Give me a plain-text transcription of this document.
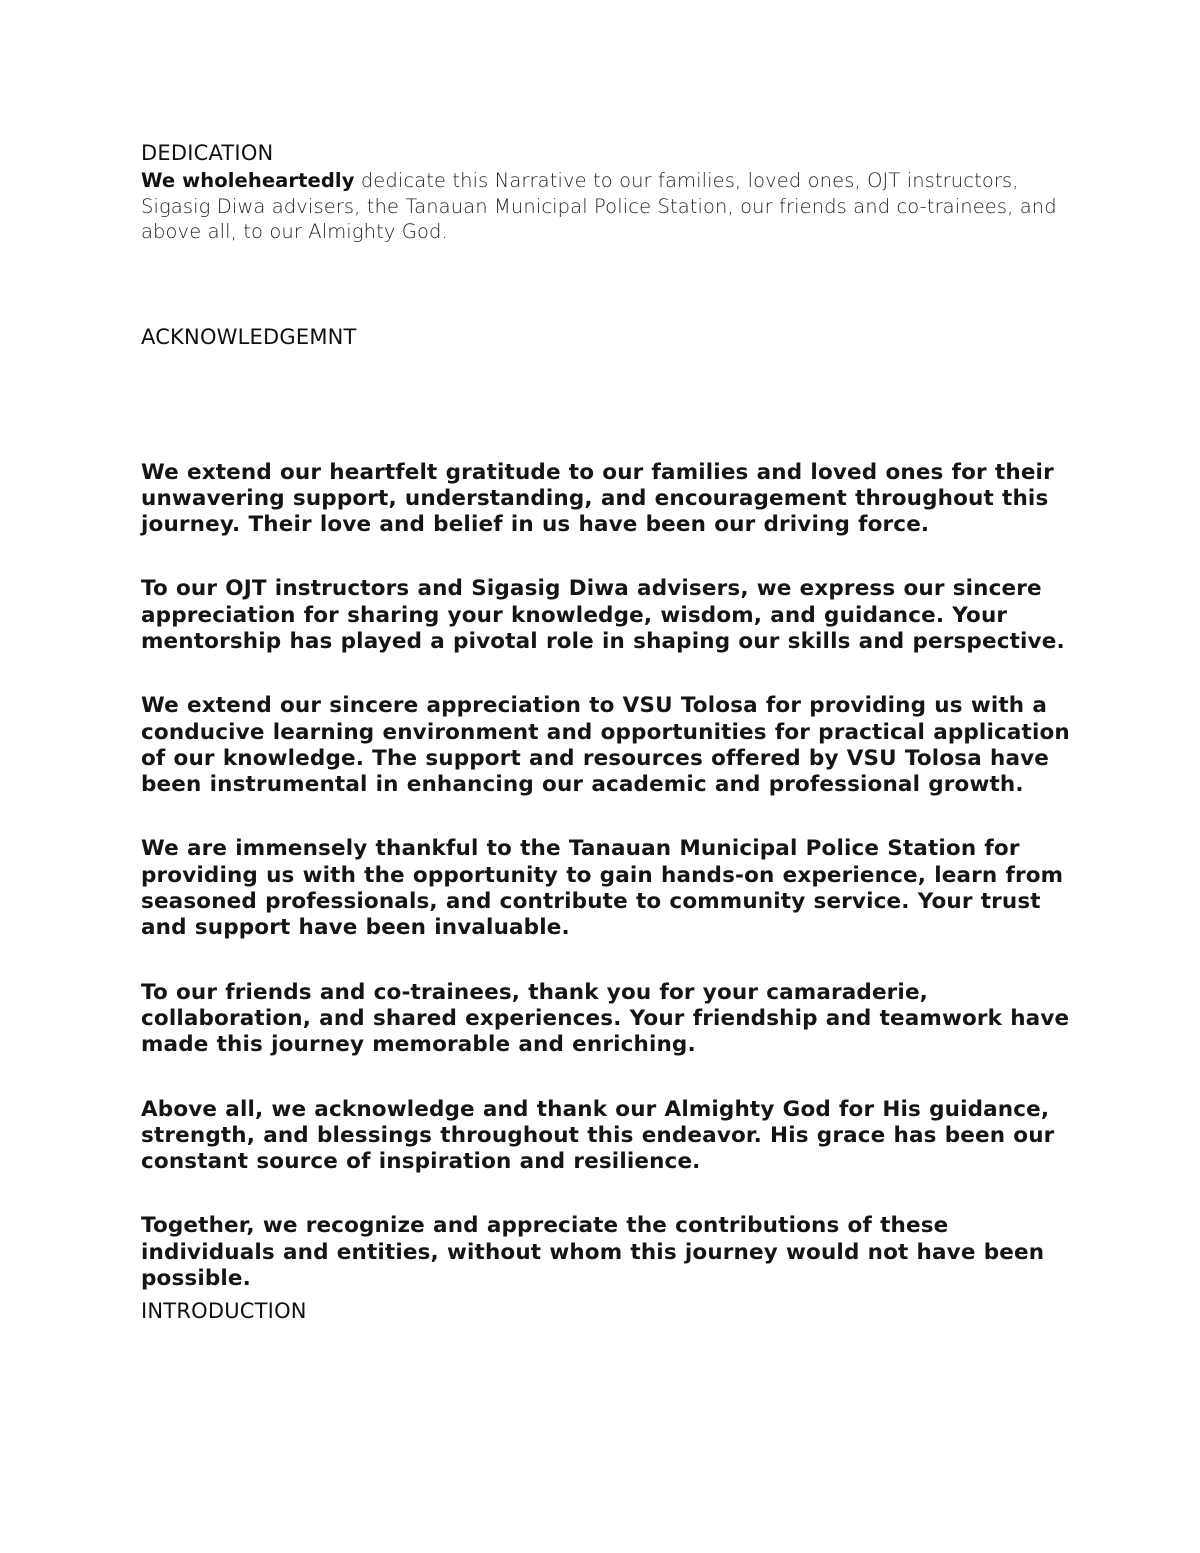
DEDICATION

We wholeheartedly dedicate this Narrative to our families, loved ones, OJT instructors, Sigasig Diwa advisers, the Tanauan Municipal Police Station, our friends and co-trainees, and above all, to our Almighty God.

ACKNOWLEDGEMNT

We extend our heartfelt gratitude to our families and loved ones for their unwavering support, understanding, and encouragement throughout this journey. Their love and belief in us have been our driving force.

To our OJT instructors and Sigasig Diwa advisers, we express our sincere appreciation for sharing your knowledge, wisdom, and guidance. Your mentorship has played a pivotal role in shaping our skills and perspective.

We extend our sincere appreciation to VSU Tolosa for providing us with a conducive learning environment and opportunities for practical application of our knowledge. The support and resources offered by VSU Tolosa have been instrumental in enhancing our academic and professional growth.

We are immensely thankful to the Tanauan Municipal Police Station for providing us with the opportunity to gain hands-on experience, learn from seasoned professionals, and contribute to community service. Your trust and support have been invaluable.

To our friends and co-trainees, thank you for your camaraderie, collaboration, and shared experiences. Your friendship and teamwork have made this journey memorable and enriching.

Above all, we acknowledge and thank our Almighty God for His guidance, strength, and blessings throughout this endeavor. His grace has been our constant source of inspiration and resilience.

Together, we recognize and appreciate the contributions of these individuals and entities, without whom this journey would not have been possible.

INTRODUCTION
